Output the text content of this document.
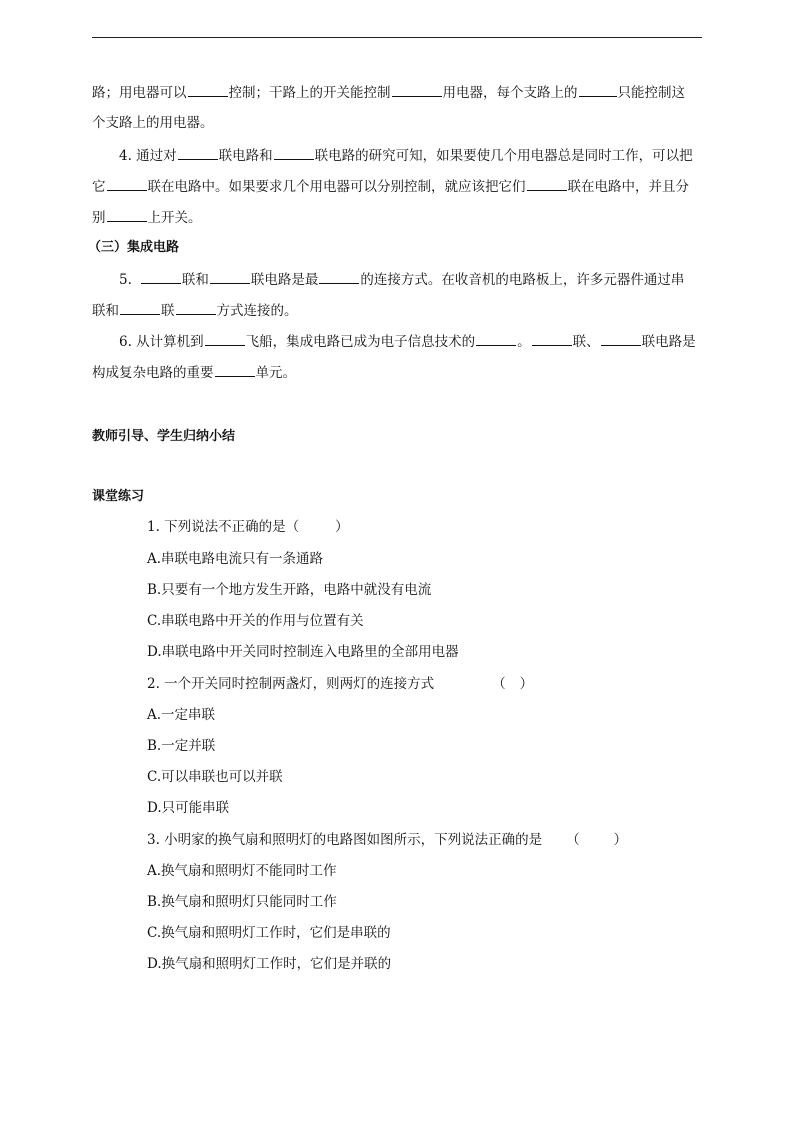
路；用电器可以	控制；干路上的开关能控制	用电器，每个支路上的	只能控制这
个支路上的用电器。
4. 通过对	联电路和	联电路的研究可知，如果要使几个用电器总是同时工作，可以把
它	联在电路中。如果要求几个用电器可以分别控制，就应该把它们	联在电路中，并且分
别	上开关。
（三）集成电路
5.	联和	联电路是最	的连接方式。在收音机的电路板上，许多元器件通过串
联和	联	方式连接的。
6. 从计算机到	飞船，集成电路已成为电子信息技术的	。	联、	联电路是
构成复杂电路的重要	单元。
教师引导、学生归纳小结
课堂练习
1. 下列说法不正确的是（	）
A.串联电路电流只有一条通路
B.只要有一个地方发生开路，电路中就没有电流
C.串联电路中开关的作用与位置有关
D.串联电路中开关同时控制连入电路里的全部用电器
2. 一个开关同时控制两盏灯，则两灯的连接方式	（ ）
A.一定串联
B.一定并联
C.可以串联也可以并联
D.只可能串联
3. 小明家的换气扇和照明灯的电路图如图所示，下列说法正确的是 （	）
A.换气扇和照明灯不能同时工作
B.换气扇和照明灯只能同时工作
C.换气扇和照明灯工作时，它们是串联的
D.换气扇和照明灯工作时，它们是并联的
